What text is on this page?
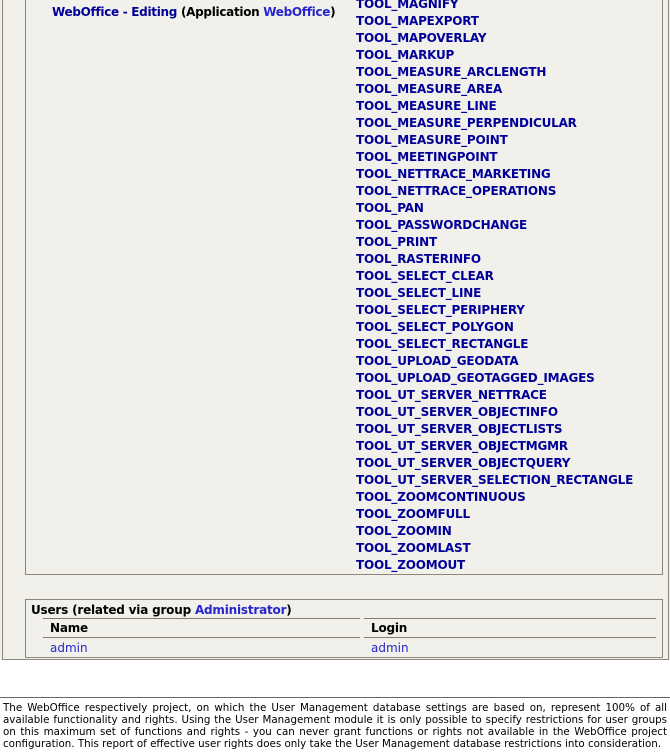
WebOffice - Editing (Application WebOffice)
TOOL_MAGNIFY
TOOL_MAPEXPORT
TOOL_MAPOVERLAY
TOOL_MARKUP
TOOL_MEASURE_ARCLENGTH
TOOL_MEASURE_AREA
TOOL_MEASURE_LINE
TOOL_MEASURE_PERPENDICULAR
TOOL_MEASURE_POINT
TOOL_MEETINGPOINT
TOOL_NETTRACE_MARKETING
TOOL_NETTRACE_OPERATIONS
TOOL_PAN
TOOL_PASSWORDCHANGE
TOOL_PRINT
TOOL_RASTERINFO
TOOL_SELECT_CLEAR
TOOL_SELECT_LINE
TOOL_SELECT_PERIPHERY
TOOL_SELECT_POLYGON
TOOL_SELECT_RECTANGLE
TOOL_UPLOAD_GEODATA
TOOL_UPLOAD_GEOTAGGED_IMAGES
TOOL_UT_SERVER_NETTRACE
TOOL_UT_SERVER_OBJECTINFO
TOOL_UT_SERVER_OBJECTLISTS
TOOL_UT_SERVER_OBJECTMGMR
TOOL_UT_SERVER_OBJECTQUERY
TOOL_UT_SERVER_SELECTION_RECTANGLE
TOOL_ZOOMCONTINUOUS
TOOL_ZOOMFULL
TOOL_ZOOMIN
TOOL_ZOOMLAST
TOOL_ZOOMOUT
Users (related via group Administrator)
Name	Login
admin	admin
The WebOffice respectively project, on which the User Management database settings are based on, represent 100% of all available functionality and rights. Using the User Management module it is only possible to specify restrictions for user groups on this maximum set of functions and rights - you can never grant functions or rights not available in the WebOffice project configuration. This report of effective user rights does only take the User Management database restrictions into consideration.
